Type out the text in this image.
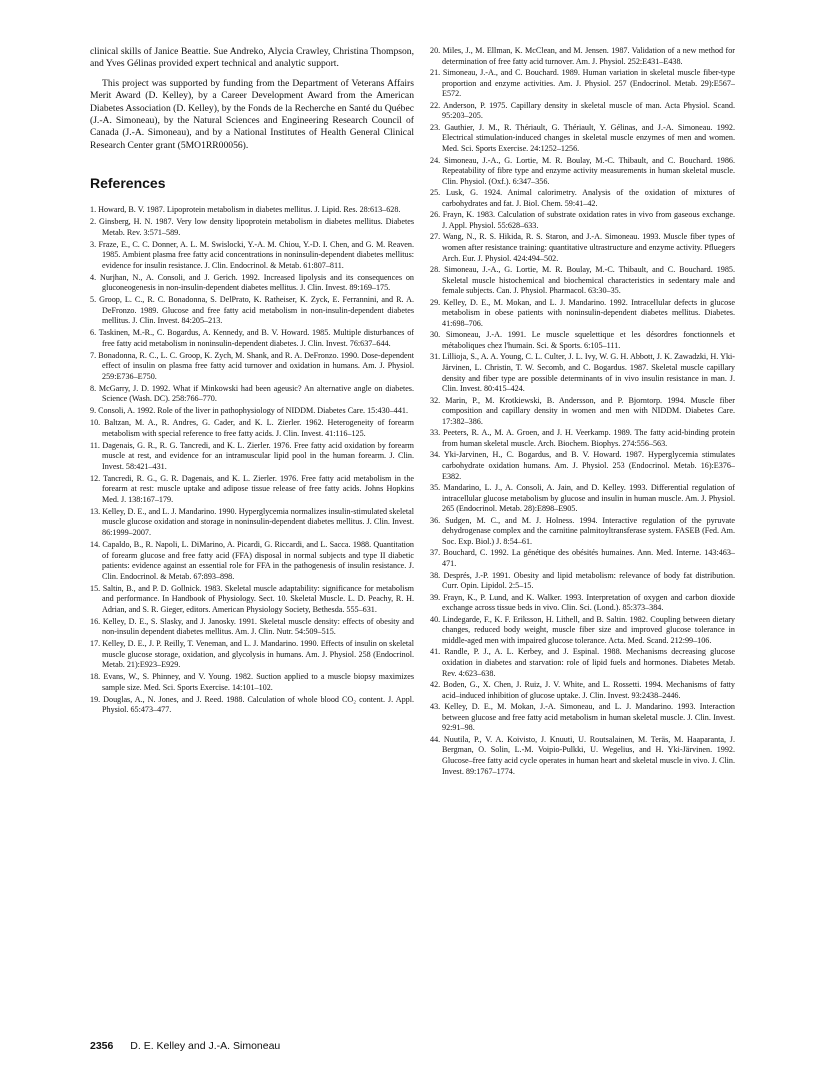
clinical skills of Janice Beattie. Sue Andreko, Alycia Crawley, Christina Thompson, and Yves Gélinas provided expert technical and analytic support.

This project was supported by funding from the Department of Veterans Affairs Merit Award (D. Kelley), by a Career Development Award from the American Diabetes Association (D. Kelley), by the Fonds de la Recherche en Santé du Québec (J.-A. Simoneau), by the Natural Sciences and Engineering Research Council of Canada (J.-A. Simoneau), and by a National Institutes of Health General Clinical Research Center grant (5MO1RR00056).

References
1. Howard, B. V. 1987. Lipoprotein metabolism in diabetes mellitus. J. Lipid. Res. 28:613–628.
2. Ginsberg, H. N. 1987. Very low density lipoprotein metabolism in diabetes mellitus. Diabetes Metab. Rev. 3:571–589.
3. Fraze, E., C. C. Donner, A. L. M. Swislocki, Y.-A. M. Chiou, Y.-D. I. Chen, and G. M. Reaven. 1985. Ambient plasma free fatty acid concentrations in noninsulin-dependent diabetes mellitus: evidence for insulin resistance. J. Clin. Endocrinol. & Metab. 61:807–811.
4. Nurjhan, N., A. Consoli, and J. Gerich. 1992. Increased lipolysis and its consequences on gluconeogenesis in non-insulin-dependent diabetes mellitus. J. Clin. Invest. 89:169–175.
5. Groop, L. C., R. C. Bonadonna, S. DelPrato, K. Ratheiser, K. Zyck, E. Ferrannini, and R. A. DeFronzo. 1989. Glucose and free fatty acid metabolism in non-insulin-dependent diabetes mellitus. J. Clin. Invest. 84:205–213.
6. Taskinen, M.-R., C. Bogardus, A. Kennedy, and B. V. Howard. 1985. Multiple disturbances of free fatty acid metabolism in noninsulin-dependent diabetes. J. Clin. Invest. 76:637–644.
7. Bonadonna, R. C., L. C. Groop, K. Zych, M. Shank, and R. A. DeFronzo. 1990. Dose-dependent effect of insulin on plasma free fatty acid turnover and oxidation in humans. Am. J. Physiol. 259:E736–E750.
8. McGarry, J. D. 1992. What if Minkowski had been ageusic? An alternative angle on diabetes. Science (Wash. DC). 258:766–770.
9. Consoli, A. 1992. Role of the liver in pathophysiology of NIDDM. Diabetes Care. 15:430–441.
10. Baltzan, M. A., R. Andres, G. Cader, and K. L. Zierler. 1962. Heterogeneity of forearm metabolism with special reference to free fatty acids. J. Clin. Invest. 41:116–125.
11. Dagenais, G. R., R. G. Tancredi, and K. L. Zierler. 1976. Free fatty acid oxidation by forearm muscle at rest, and evidence for an intramuscular lipid pool in the human forearm. J. Clin. Invest. 58:421–431.
12. Tancredi, R. G., G. R. Dagenais, and K. L. Zierler. 1976. Free fatty acid metabolism in the forearm at rest: muscle uptake and adipose tissue release of free fatty acids. Johns Hopkins Med. J. 138:167–179.
13. Kelley, D. E., and L. J. Mandarino. 1990. Hyperglycemia normalizes insulin-stimulated skeletal muscle glucose oxidation and storage in noninsulin-dependent diabetes mellitus. J. Clin. Invest. 86:1999–2007.
14. Capaldo, B., R. Napoli, L. DiMarino, A. Picardi, G. Riccardi, and L. Sacca. 1988. Quantitation of forearm glucose and free fatty acid (FFA) disposal in normal subjects and type II diabetic patients: evidence against an essential role for FFA in the pathogenesis of insulin resistance. J. Clin. Endocrinol. & Metab. 67:893–898.
15. Saltin, B., and P. D. Gollnick. 1983. Skeletal muscle adaptability: significance for metabolism and performance. In Handbook of Physiology. Sect. 10. Skeletal Muscle. L. D. Peachy, R. H. Adrian, and S. R. Gieger, editors. American Physiology Society, Bethesda. 555–631.
16. Kelley, D. E., S. Slasky, and J. Janosky. 1991. Skeletal muscle density: effects of obesity and non-insulin dependent diabetes mellitus. Am. J. Clin. Nutr. 54:509–515.
17. Kelley, D. E., J. P. Reilly, T. Veneman, and L. J. Mandarino. 1990. Effects of insulin on skeletal muscle glucose storage, oxidation, and glycolysis in humans. Am. J. Physiol. 258 (Endocrinol. Metab. 21):E923–E929.
18. Evans, W., S. Phinney, and V. Young. 1982. Suction applied to a muscle biopsy maximizes sample size. Med. Sci. Sports Exercise. 14:101–102.
19. Douglas, A., N. Jones, and J. Reed. 1988. Calculation of whole blood CO₂ content. J. Appl. Physiol. 65:473–477.
20. Miles, J., M. Ellman, K. McClean, and M. Jensen. 1987. Validation of a new method for determination of free fatty acid turnover. Am. J. Physiol. 252:E431–E438.
21. Simoneau, J.-A., and C. Bouchard. 1989. Human variation in skeletal muscle fiber-type proportion and enzyme activities. Am. J. Physiol. 257 (Endocrinol. Metab. 29):E567–E572.
22. Anderson, P. 1975. Capillary density in skeletal muscle of man. Acta Physiol. Scand. 95:203–205.
23. Gauthier, J. M., R. Thériault, G. Thériault, Y. Gélinas, and J.-A. Simoneau. 1992. Electrical stimulation-induced changes in skeletal muscle enzymes of men and women. Med. Sci. Sports Exercise. 24:1252–1256.
24. Simoneau, J.-A., G. Lortie, M. R. Boulay, M.-C. Thibault, and C. Bouchard. 1986. Repeatability of fibre type and enzyme activity measurements in human skeletal muscle. Clin. Physiol. (Oxf.). 6:347–356.
25. Lusk, G. 1924. Animal calorimetry. Analysis of the oxidation of mixtures of carbohydrates and fat. J. Biol. Chem. 59:41–42.
26. Frayn, K. 1983. Calculation of substrate oxidation rates in vivo from gaseous exchange. J. Appl. Physiol. 55:628–633.
27. Wang, N., R. S. Hikida, R. S. Staron, and J.-A. Simoneau. 1993. Muscle fiber types of women after resistance training: quantitative ultrastructure and enzyme activity. Pfluegers Arch. Eur. J. Physiol. 424:494–502.
28. Simoneau, J.-A., G. Lortie, M. R. Boulay, M.-C. Thibault, and C. Bouchard. 1985. Skeletal muscle histochemical and biochemical characteristics in sedentary male and female subjects. Can. J. Physiol. Pharmacol. 63:30–35.
29. Kelley, D. E., M. Mokan, and L. J. Mandarino. 1992. Intracellular defects in glucose metabolism in obese patients with noninsulin-dependent diabetes mellitus. Diabetes. 41:698–706.
30. Simoneau, J.-A. 1991. Le muscle squelettique et les désordres fonctionnels et métaboliques chez l'humain. Sci. & Sports. 6:105–111.
31. Lillioja, S., A. A. Young, C. L. Culter, J. L. Ivy, W. G. H. Abbott, J. K. Zawadzki, H. Yki-Järvinen, L. Christin, T. W. Secomb, and C. Bogardus. 1987. Skeletal muscle capillary density and fiber type are possible determinants of in vivo insulin resistance in man. J. Clin. Invest. 80:415–424.
32. Marin, P., M. Krotkiewski, B. Andersson, and P. Bjorntorp. 1994. Muscle fiber composition and capillary density in women and men with NIDDM. Diabetes Care. 17:382–386.
33. Peeters, R. A., M. A. Groen, and J. H. Veerkamp. 1989. The fatty acid-binding protein from human skeletal muscle. Arch. Biochem. Biophys. 274:556–563.
34. Yki-Jarvinen, H., C. Bogardus, and B. V. Howard. 1987. Hyperglycemia stimulates carbohydrate oxidation humans. Am. J. Physiol. 253 (Endocrinol. Metab. 16):E376–E382.
35. Mandarino, L. J., A. Consoli, A. Jain, and D. Kelley. 1993. Differential regulation of intracellular glucose metabolism by glucose and insulin in human muscle. Am. J. Physiol. 265 (Endocrinol. Metab. 28):E898–E905.
36. Sudgen, M. C., and M. J. Holness. 1994. Interactive regulation of the pyruvate dehydrogenase complex and the carnitine palmitoyltransferase system. FASEB (Fed. Am. Soc. Exp. Biol.) J. 8:54–61.
37. Bouchard, C. 1992. La génétique des obésités humaines. Ann. Med. Interne. 143:463–471.
38. Després, J.-P. 1991. Obesity and lipid metabolism: relevance of body fat distribution. Curr. Opin. Lipidol. 2:5–15.
39. Frayn, K., P. Lund, and K. Walker. 1993. Interpretation of oxygen and carbon dioxide exchange across tissue beds in vivo. Clin. Sci. (Lond.). 85:373–384.
40. Lindegarde, F., K. F. Eriksson, H. Lithell, and B. Saltin. 1982. Coupling between dietary changes, reduced body weight, muscle fiber size and improved glucose tolerance in middle-aged men with impaired glucose tolerance. Acta. Med. Scand. 212:99–106.
41. Randle, P. J., A. L. Kerbey, and J. Espinal. 1988. Mechanisms decreasing glucose oxidation in diabetes and starvation: role of lipid fuels and hormones. Diabetes Metab. Rev. 4:623–638.
42. Boden, G., X. Chen, J. Ruiz, J. V. White, and L. Rossetti. 1994. Mechanisms of fatty acid–induced inhibition of glucose uptake. J. Clin. Invest. 93:2438–2446.
43. Kelley, D. E., M. Mokan, J.-A. Simoneau, and L. J. Mandarino. 1993. Interaction between glucose and free fatty acid metabolism in human skeletal muscle. J. Clin. Invest. 92:91–98.
44. Nuutila, P., V. A. Koivisto, J. Knuuti, U. Routsalainen, M. Teräs, M. Haaparanta, J. Bergman, O. Solin, L.-M. Voipio-Pulkki, U. Wegelius, and H. Yki-Järvinen. 1992. Glucose–free fatty acid cycle operates in human heart and skeletal muscle in vivo. J. Clin. Invest. 89:1767–1774.
2356 D. E. Kelley and J.-A. Simoneau
